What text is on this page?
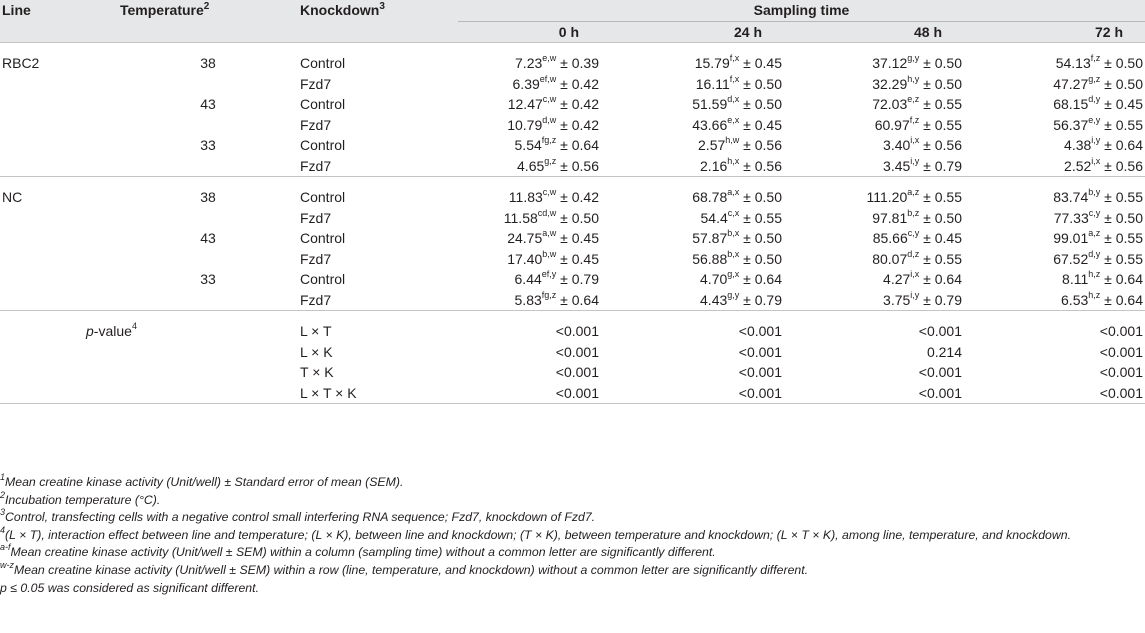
Line	Temperature$^2$	Knockdown$^3$	Sampling time
			0 h	24 h	48 h	72 h
RBC2	38	Control	$7.23^{e,w} \pm 0.39$	$15.79^{f,x} \pm 0.45$	$37.12^{g,y} \pm 0.50$	$54.13^{f,z} \pm 0.50$
		Fzd7	$6.39^{ef,w} \pm 0.42$	$16.11^{f,x} \pm 0.50$	$32.29^{h,y} \pm 0.50$	$47.27^{g,z} \pm 0.50$
	43	Control	$12.47^{c,w} \pm 0.42$	$51.59^{d,x} \pm 0.50$	$72.03^{e,z} \pm 0.55$	$68.15^{d,y} \pm 0.45$
		Fzd7	$10.79^{d,w} \pm 0.42$	$43.66^{e,x} \pm 0.45$	$60.97^{f,z} \pm 0.55$	$56.37^{e,y} \pm 0.55$
	33	Control	$5.54^{fg,z} \pm 0.64$	$2.57^{h,w} \pm 0.56$	$3.40^{i,x} \pm 0.56$	$4.38^{i,y} \pm 0.64$
		Fzd7	$4.65^{g,z} \pm 0.56$	$2.16^{h,x} \pm 0.56$	$3.45^{i,y} \pm 0.79$	$2.52^{i,x} \pm 0.56$
NC	38	Control	$11.83^{c,w} \pm 0.42$	$68.78^{a,x} \pm 0.50$	$111.20^{a,z} \pm 0.55$	$83.74^{b,y} \pm 0.55$
		Fzd7	$11.58^{cd,w} \pm 0.50$	$54.4^{c,x} \pm 0.55$	$97.81^{b,z} \pm 0.50$	$77.33^{c,y} \pm 0.50$
	43	Control	$24.75^{a,w} \pm 0.45$	$57.87^{b,x} \pm 0.50$	$85.66^{c,y} \pm 0.45$	$99.01^{a,z} \pm 0.55$
		Fzd7	$17.40^{b,w} \pm 0.45$	$56.88^{b,x} \pm 0.50$	$80.07^{d,z} \pm 0.55$	$67.52^{d,y} \pm 0.55$
	33	Control	$6.44^{ef,y} \pm 0.79$	$4.70^{g,x} \pm 0.64$	$4.27^{i,x} \pm 0.64$	$8.11^{h,z} \pm 0.64$
		Fzd7	$5.83^{fg,z} \pm 0.64$	$4.43^{g,y} \pm 0.79$	$3.75^{i,y} \pm 0.79$	$6.53^{h,z} \pm 0.64$
	p-value$^4$	L × T	<0.001	<0.001	<0.001	<0.001
		L × K	<0.001	<0.001	0.214	<0.001
		T × K	<0.001	<0.001	<0.001	<0.001
		L × T × K	<0.001	<0.001	<0.001	<0.001

$^1$Mean creatine kinase activity (Unit/well) ± Standard error of mean (SEM).
$^2$Incubation temperature (°C).
$^3$Control, transfecting cells with a negative control small interfering RNA sequence; Fzd7, knockdown of Fzd7.
$^4$(L × T), interaction effect between line and temperature; (L × K), between line and knockdown; (T × K), between temperature and knockdown; (L × T × K), among line, temperature, and knockdown.
$^{a-f}$Mean creatine kinase activity (Unit/well ± SEM) within a column (sampling time) without a common letter are significantly different.
$^{w-z}$Mean creatine kinase activity (Unit/well ± SEM) within a row (line, temperature, and knockdown) without a common letter are significantly different.
p ≤ 0.05 was considered as significant different.
